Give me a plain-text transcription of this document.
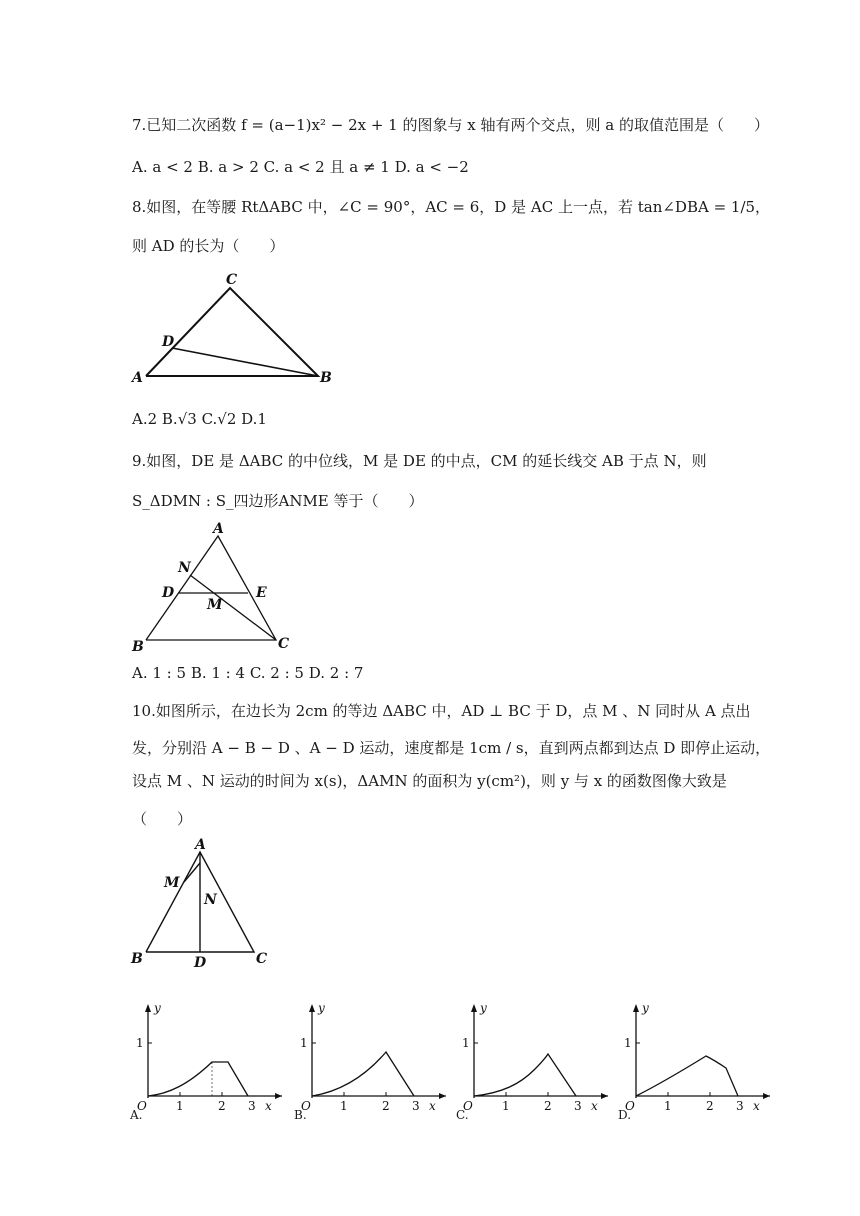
7.已知二次函数 f = (a−1)x² − 2x + 1 的图象与 x 轴有两个交点，则 a 的取值范围是（　　）
A. a < 2 B. a > 2 C. a < 2 且 a ≠ 1 D. a < −2
8.如图，在等腰 RtΔABC 中，∠C = 90°，AC = 6，D 是 AC 上一点，若 tan∠DBA = 1/5，
则 AD 的长为（　　）
C
D
A	B
A.2 B.√3 C.√2 D.1
9.如图，DE 是 ΔABC 的中位线，M 是 DE 的中点，CM 的延长线交 AB 于点 N，则
S_ΔDMN : S_四边形ANME 等于（　　）
A
N
D	E
M
B	C
A. 1 : 5 B. 1 : 4 C. 2 : 5 D. 2 : 7
10.如图所示，在边长为 2cm 的等边 ΔABC 中，AD ⊥ BC 于 D，点 M 、N 同时从 A 点出
发，分别沿 A − B − D 、A − D 运动，速度都是 1cm / s，直到两点都到达点 D 即停止运动，
设点 M 、N 运动的时间为 x(s)，ΔAMN 的面积为 y(cm²)，则 y 与 x 的函数图像大致是
（　　）
A
M
N
B	D	C
y
1
O 1	2 3 x
A.
y
1
O 1	2 3 x
B.
y
1
O 1	2 3 x
C.
y
1
O 1	2 3 x
D.
